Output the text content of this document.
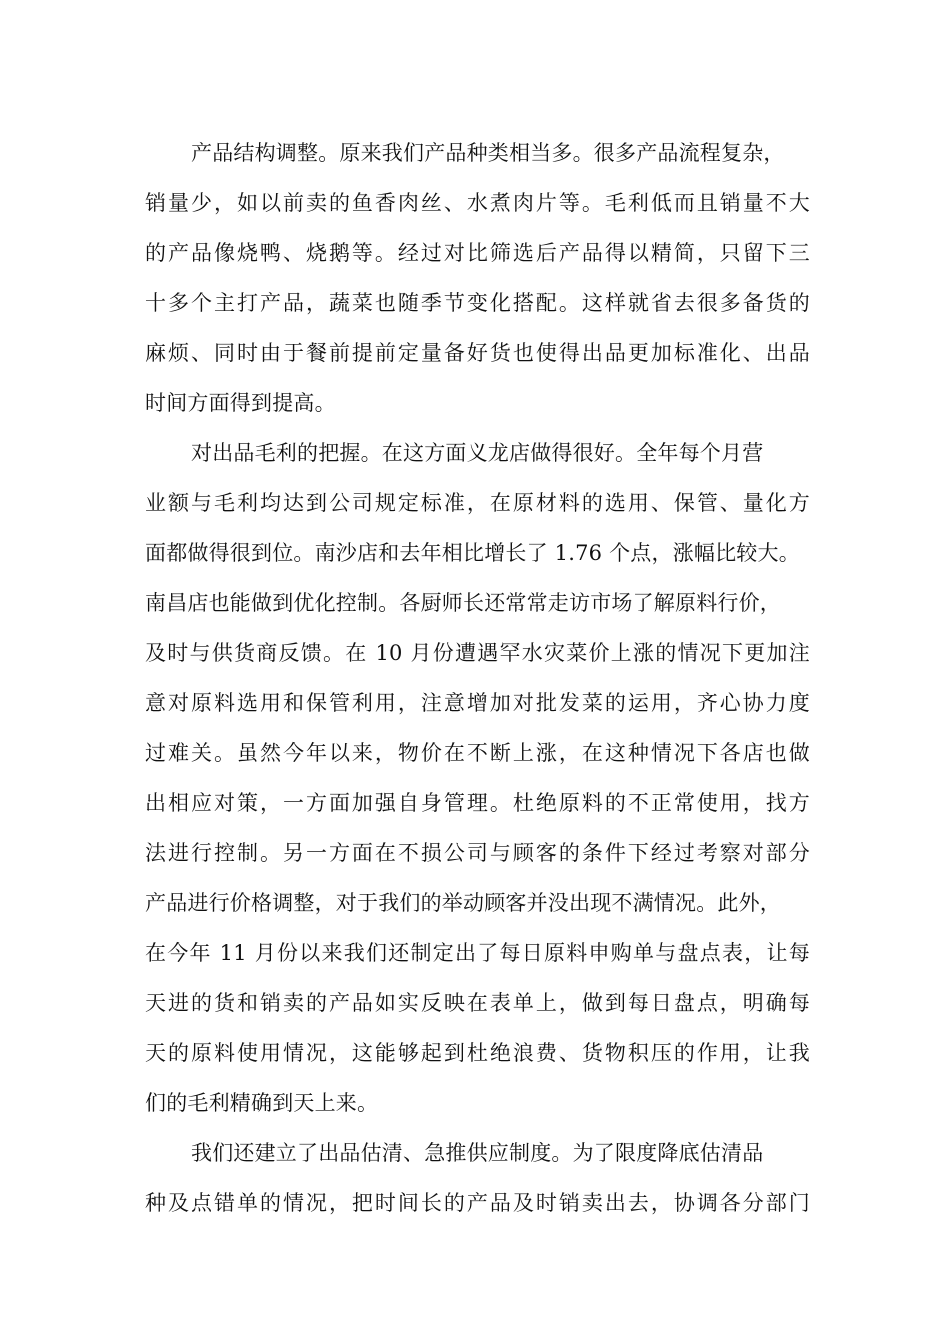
产品结构调整。原来我们产品种类相当多。很多产品流程复杂，
销量少，如以前卖的鱼香肉丝、水煮肉片等。毛利低而且销量不大
的产品像烧鸭、烧鹅等。经过对比筛选后产品得以精简，只留下三
十多个主打产品，蔬菜也随季节变化搭配。这样就省去很多备货的
麻烦、同时由于餐前提前定量备好货也使得出品更加标准化、出品
时间方面得到提高。
对出品毛利的把握。在这方面义龙店做得很好。全年每个月营
业额与毛利均达到公司规定标准，在原材料的选用、保管、量化方
面都做得很到位。南沙店和去年相比增长了 1.76 个点，涨幅比较大。
南昌店也能做到优化控制。各厨师长还常常走访市场了解原料行价，
及时与供货商反馈。在 10 月份遭遇罕水灾菜价上涨的情况下更加注
意对原料选用和保管利用，注意增加对批发菜的运用，齐心协力度
过难关。虽然今年以来，物价在不断上涨，在这种情况下各店也做
出相应对策，一方面加强自身管理。杜绝原料的不正常使用，找方
法进行控制。另一方面在不损公司与顾客的条件下经过考察对部分
产品进行价格调整，对于我们的举动顾客并没出现不满情况。此外，
在今年 11 月份以来我们还制定出了每日原料申购单与盘点表，让每
天进的货和销卖的产品如实反映在表单上，做到每日盘点，明确每
天的原料使用情况，这能够起到杜绝浪费、货物积压的作用，让我
们的毛利精确到天上来。
我们还建立了出品估清、急推供应制度。为了限度降底估清品
种及点错单的情况，把时间长的产品及时销卖出去，协调各分部门
